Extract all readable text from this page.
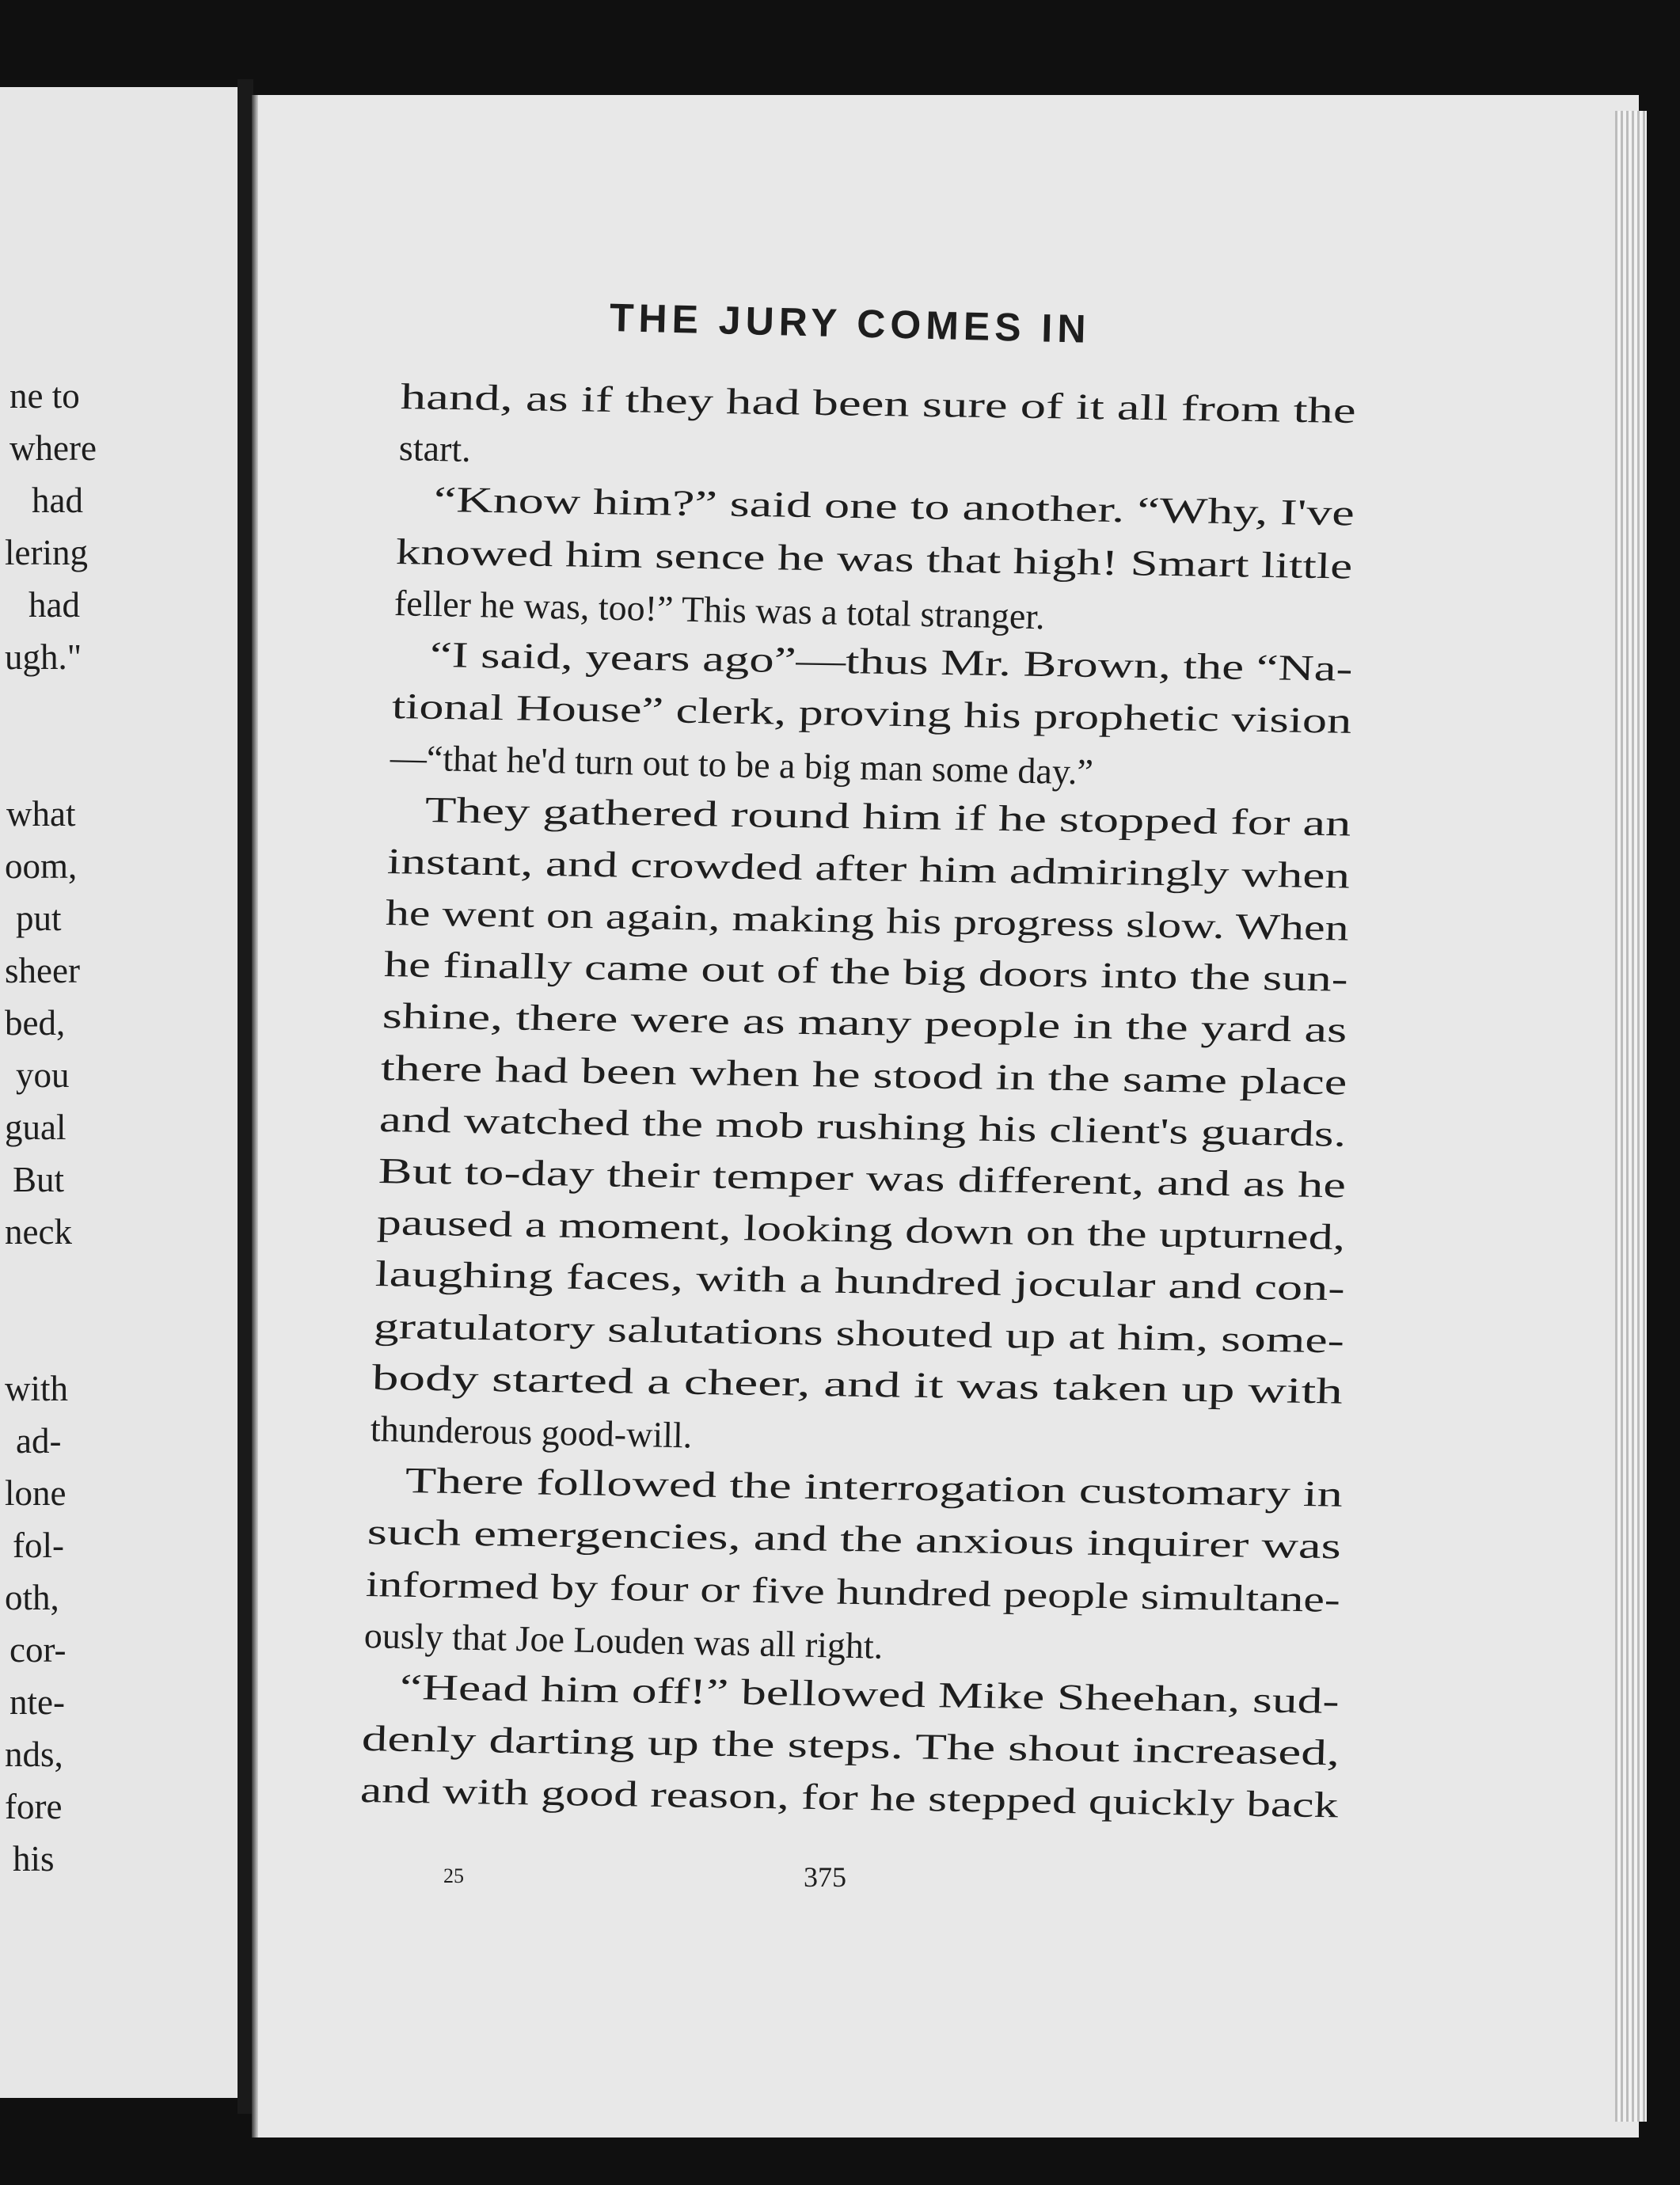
ne to
where
had
lering
had
ugh."
what
oom,
put
sheer
bed,
you
gual
But
neck
with
ad-
lone
fol-
oth,
cor-
nte-
nds,
fore
his
THE JURY COMES IN
hand, as if they had been sure of it all from the
start.
“Know him?” said one to another. “Why, I've
knowed him sence he was that high! Smart little
feller he was, too!” This was a total stranger.
“I said, years ago”—thus Mr. Brown, the “Na-
tional House” clerk, proving his prophetic vision
—“that he'd turn out to be a big man some day.”
They gathered round him if he stopped for an
instant, and crowded after him admiringly when
he went on again, making his progress slow. When
he finally came out of the big doors into the sun-
shine, there were as many people in the yard as
there had been when he stood in the same place
and watched the mob rushing his client's guards.
But to-day their temper was different, and as he
paused a moment, looking down on the upturned,
laughing faces, with a hundred jocular and con-
gratulatory salutations shouted up at him, some-
body started a cheer, and it was taken up with
thunderous good-will.
There followed the interrogation customary in
such emergencies, and the anxious inquirer was
informed by four or five hundred people simultane-
ously that Joe Louden was all right.
“Head him off!” bellowed Mike Sheehan, sud-
denly darting up the steps. The shout increased,
and with good reason, for he stepped quickly back
25	375
